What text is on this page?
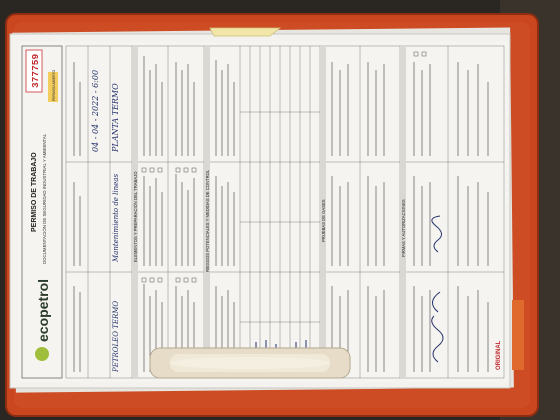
ecopetrol
PERMISO DE TRABAJO DOCUMENTACIÓN DE SEGURIDAD INDUSTRIAL Y AMBIENTAL
377759
ELEMENTOS Y PREPARACIÓN DEL TRABAJO	RIESGOS POTENCIALES Y MEDIDAS DE CONTROL	PRUEBAS DE GASES	FIRMAS Y AUTORIZACIONES
04 - 04 - 2022 - 6:00 PLANTA TERMO
Mantenimiento de lineas
PETROLEO TERMO
PERMISO ABIERTO
ORIGINAL
